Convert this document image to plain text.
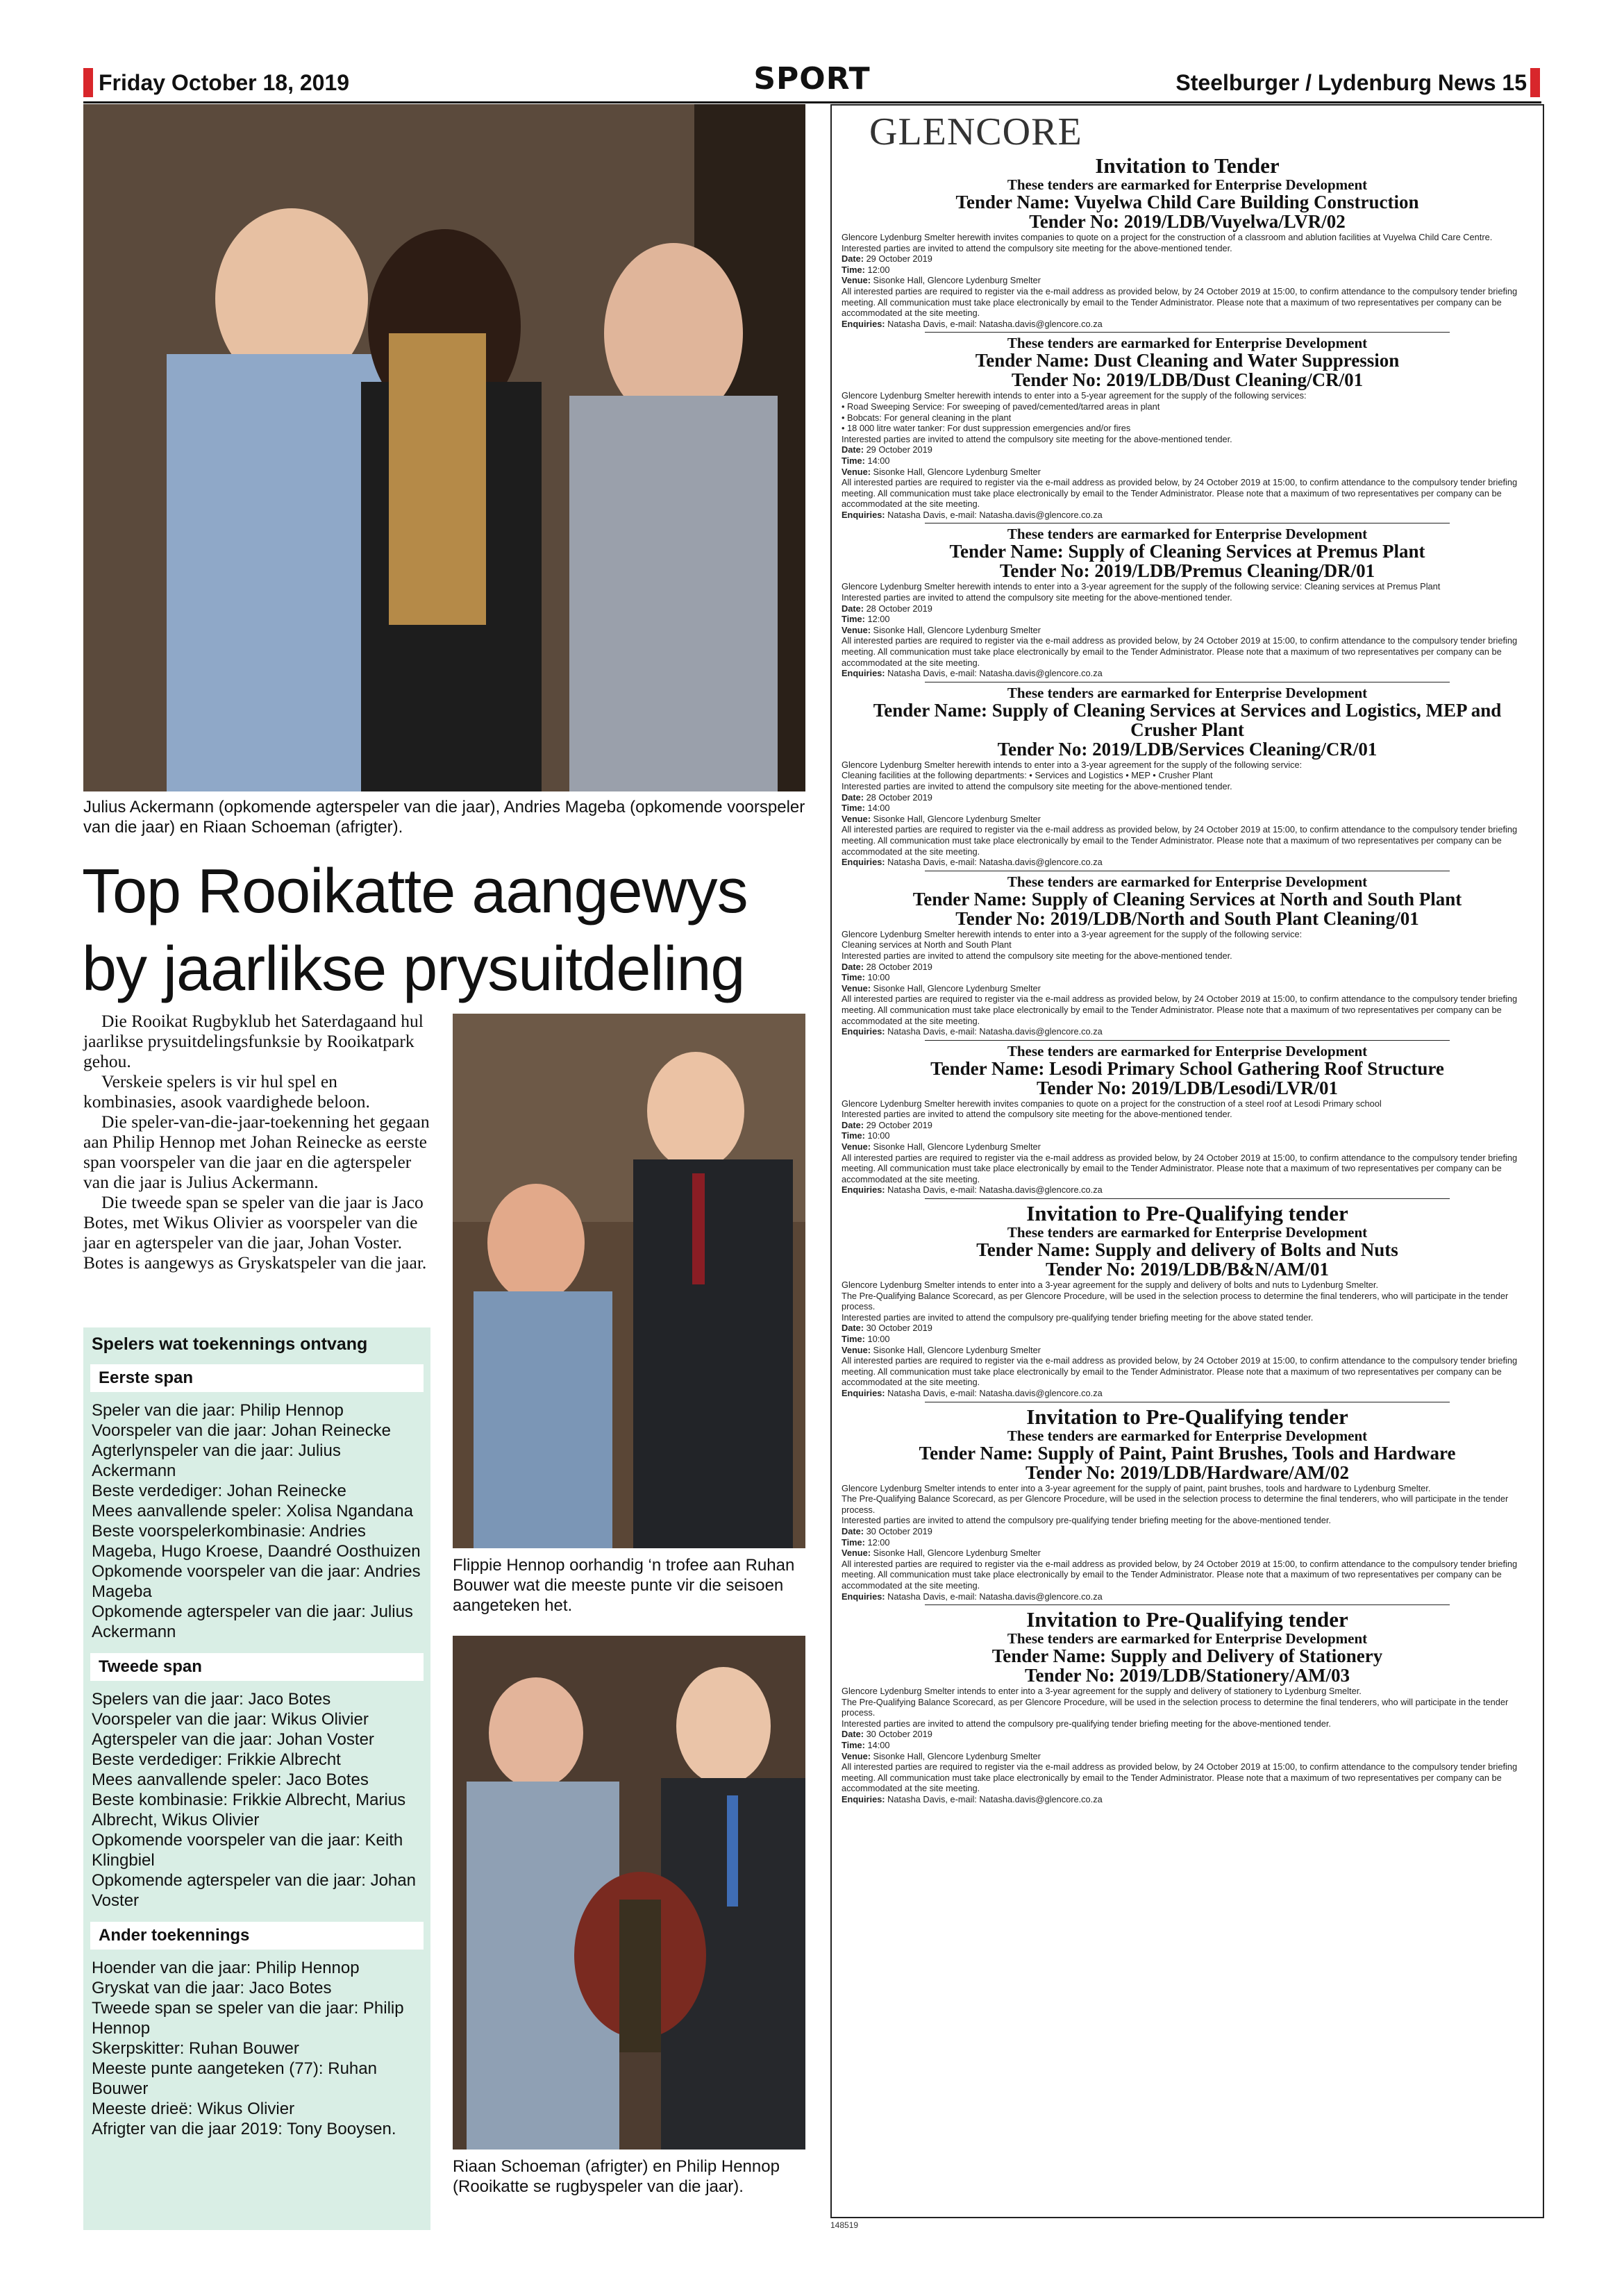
Friday October 18, 2019	SPORT	Steelburger / Lydenburg News 15
Julius Ackermann (opkomende agterspeler van die jaar), Andries Mageba (opkomende voorspeler van die jaar) en Riaan Schoeman (afrigter).
Top Rooikatte aangewys
by jaarlikse prysuitdeling

Die Rooikat Rugbyklub het Saterdagaand hul jaarlikse prysuitdelingsfunksie by Rooikatpark gehou.

Verskeie spelers is vir hul spel en kombinasies, asook vaardighede beloon.

Die speler-van-die-jaar-toekenning het gegaan aan Philip Hennop met Johan Reinecke as eerste span voorspeler van die jaar en die agterspeler van die jaar is Julius Ackermann.

Die tweede span se speler van die jaar is Jaco Botes, met Wikus Olivier as voorspeler van die jaar en agterspeler van die jaar, Johan Voster. Botes is aangewys as Gryskatspeler van die jaar.

Spelers wat toekennings ontvang
Eerste span
Speler van die jaar: Philip Hennop
Voorspeler van die jaar: Johan Reinecke
Agterlynspeler van die jaar: Julius Ackermann
Beste verdediger: Johan Reinecke
Mees aanvallende speler: Xolisa Ngandana
Beste voorspelerkombinasie: Andries Mageba, Hugo Kroese, Daandré Oosthuizen
Opkomende voorspeler van die jaar: Andries Mageba
Opkomende agterspeler van die jaar: Julius Ackermann
Tweede span
Spelers van die jaar: Jaco Botes
Voorspeler van die jaar: Wikus Olivier
Agterspeler van die jaar: Johan Voster
Beste verdediger: Frikkie Albrecht
Mees aanvallende speler: Jaco Botes
Beste kombinasie: Frikkie Albrecht, Marius Albrecht, Wikus Olivier
Opkomende voorspeler van die jaar: Keith Klingbiel
Opkomende agterspeler van die jaar: Johan Voster
Ander toekennings
Hoender van die jaar: Philip Hennop
Gryskat van die jaar: Jaco Botes
Tweede span se speler van die jaar: Philip Hennop
Skerpskitter: Ruhan Bouwer
Meeste punte aangeteken (77): Ruhan Bouwer
Meeste drieë: Wikus Olivier
Afrigter van die jaar 2019: Tony Booysen.
Flippie Hennop oorhandig ‘n trofee aan Ruhan Bouwer wat die meeste punte vir die seisoen aangeteken het.
Riaan Schoeman (afrigter) en Philip Hennop (Rooikatte se rugbyspeler van die jaar).
GLENCORE
Invitation to Tender
These tenders are earmarked for Enterprise Development
Tender Name: Vuyelwa Child Care Building Construction
Tender No: 2019/LDB/Vuyelwa/LVR/02
Glencore Lydenburg Smelter herewith invites companies to quote on a project for the construction of a classroom and ablution facilities at Vuyelwa Child Care Centre.
Interested parties are invited to attend the compulsory site meeting for the above-mentioned tender.
Date: 29 October 2019
Time: 12:00
Venue: Sisonke Hall, Glencore Lydenburg Smelter
All interested parties are required to register via the e-mail address as provided below, by 24 October 2019 at 15:00, to confirm attendance to the compulsory tender briefing meeting. All communication must take place electronically by email to the Tender Administrator. Please note that a maximum of two representatives per company can be accommodated at the site meeting.
Enquiries: Natasha Davis, e-mail: Natasha.davis@glencore.co.za
These tenders are earmarked for Enterprise Development
Tender Name: Dust Cleaning and Water Suppression
Tender No: 2019/LDB/Dust Cleaning/CR/01
Glencore Lydenburg Smelter herewith intends to enter into a 5-year agreement for the supply of the following services:
• Road Sweeping Service: For sweeping of paved/cemented/tarred areas in plant
• Bobcats: For general cleaning in the plant
• 18 000 litre water tanker: For dust suppression emergencies and/or fires
Interested parties are invited to attend the compulsory site meeting for the above-mentioned tender.
Date: 29 October 2019
Time: 14:00
Venue: Sisonke Hall, Glencore Lydenburg Smelter
All interested parties are required to register via the e-mail address as provided below, by 24 October 2019 at 15:00, to confirm attendance to the compulsory tender briefing meeting. All communication must take place electronically by email to the Tender Administrator. Please note that a maximum of two representatives per company can be accommodated at the site meeting.
Enquiries: Natasha Davis, e-mail: Natasha.davis@glencore.co.za
These tenders are earmarked for Enterprise Development
Tender Name: Supply of Cleaning Services at Premus Plant
Tender No: 2019/LDB/Premus Cleaning/DR/01
Glencore Lydenburg Smelter herewith intends to enter into a 3-year agreement for the supply of the following service: Cleaning services at Premus Plant
Interested parties are invited to attend the compulsory site meeting for the above-mentioned tender.
Date: 28 October 2019
Time: 12:00
Venue: Sisonke Hall, Glencore Lydenburg Smelter
All interested parties are required to register via the e-mail address as provided below, by 24 October 2019 at 15:00, to confirm attendance to the compulsory tender briefing meeting. All communication must take place electronically by email to the Tender Administrator. Please note that a maximum of two representatives per company can be accommodated at the site meeting.
Enquiries: Natasha Davis, e-mail: Natasha.davis@glencore.co.za
These tenders are earmarked for Enterprise Development
Tender Name: Supply of Cleaning Services at Services and Logistics, MEP and Crusher Plant
Tender No: 2019/LDB/Services Cleaning/CR/01
Glencore Lydenburg Smelter herewith intends to enter into a 3-year agreement for the supply of the following service:
Cleaning facilities at the following departments: • Services and Logistics • MEP • Crusher Plant
Interested parties are invited to attend the compulsory site meeting for the above-mentioned tender.
Date: 28 October 2019
Time: 14:00
Venue: Sisonke Hall, Glencore Lydenburg Smelter
All interested parties are required to register via the e-mail address as provided below, by 24 October 2019 at 15:00, to confirm attendance to the compulsory tender briefing meeting. All communication must take place electronically by email to the Tender Administrator. Please note that a maximum of two representatives per company can be accommodated at the site meeting.
Enquiries: Natasha Davis, e-mail: Natasha.davis@glencore.co.za
These tenders are earmarked for Enterprise Development
Tender Name: Supply of Cleaning Services at North and South Plant
Tender No: 2019/LDB/North and South Plant Cleaning/01
Glencore Lydenburg Smelter herewith intends to enter into a 3-year agreement for the supply of the following service:
Cleaning services at North and South Plant
Interested parties are invited to attend the compulsory site meeting for the above-mentioned tender.
Date: 28 October 2019
Time: 10:00
Venue: Sisonke Hall, Glencore Lydenburg Smelter
All interested parties are required to register via the e-mail address as provided below, by 24 October 2019 at 15:00, to confirm attendance to the compulsory tender briefing meeting. All communication must take place electronically by email to the Tender Administrator. Please note that a maximum of two representatives per company can be accommodated at the site meeting.
Enquiries: Natasha Davis, e-mail: Natasha.davis@glencore.co.za
These tenders are earmarked for Enterprise Development
Tender Name: Lesodi Primary School Gathering Roof Structure
Tender No: 2019/LDB/Lesodi/LVR/01
Glencore Lydenburg Smelter herewith invites companies to quote on a project for the construction of a steel roof at Lesodi Primary school
Interested parties are invited to attend the compulsory site meeting for the above-mentioned tender.
Date: 29 October 2019
Time: 10:00
Venue: Sisonke Hall, Glencore Lydenburg Smelter
All interested parties are required to register via the e-mail address as provided below, by 24 October 2019 at 15:00, to confirm attendance to the compulsory tender briefing meeting. All communication must take place electronically by email to the Tender Administrator. Please note that a maximum of two representatives per company can be accommodated at the site meeting.
Enquiries: Natasha Davis, e-mail: Natasha.davis@glencore.co.za
Invitation to Pre-Qualifying tender
These tenders are earmarked for Enterprise Development
Tender Name: Supply and delivery of Bolts and Nuts
Tender No: 2019/LDB/B&N/AM/01
Glencore Lydenburg Smelter intends to enter into a 3-year agreement for the supply and delivery of bolts and nuts to Lydenburg Smelter.
The Pre-Qualifying Balance Scorecard, as per Glencore Procedure, will be used in the selection process to determine the final tenderers, who will participate in the tender process.
Interested parties are invited to attend the compulsory pre-qualifying tender briefing meeting for the above stated tender.
Date: 30 October 2019
Time: 10:00
Venue: Sisonke Hall, Glencore Lydenburg Smelter
All interested parties are required to register via the e-mail address as provided below, by 24 October 2019 at 15:00, to confirm attendance to the compulsory tender briefing meeting. All communication must take place electronically by email to the Tender Administrator. Please note that a maximum of two representatives per company can be accommodated at the site meeting.
Enquiries: Natasha Davis, e-mail: Natasha.davis@glencore.co.za
Invitation to Pre-Qualifying tender
These tenders are earmarked for Enterprise Development
Tender Name: Supply of Paint, Paint Brushes, Tools and Hardware
Tender No: 2019/LDB/Hardware/AM/02
Glencore Lydenburg Smelter intends to enter into a 3-year agreement for the supply of paint, paint brushes, tools and hardware to Lydenburg Smelter.
The Pre-Qualifying Balance Scorecard, as per Glencore Procedure, will be used in the selection process to determine the final tenderers, who will participate in the tender process.
Interested parties are invited to attend the compulsory pre-qualifying tender briefing meeting for the above-mentioned tender.
Date: 30 October 2019
Time: 12:00
Venue: Sisonke Hall, Glencore Lydenburg Smelter
All interested parties are required to register via the e-mail address as provided below, by 24 October 2019 at 15:00, to confirm attendance to the compulsory tender briefing meeting. All communication must take place electronically by email to the Tender Administrator. Please note that a maximum of two representatives per company can be accommodated at the site meeting.
Enquiries: Natasha Davis, e-mail: Natasha.davis@glencore.co.za
Invitation to Pre-Qualifying tender
These tenders are earmarked for Enterprise Development
Tender Name: Supply and Delivery of Stationery
Tender No: 2019/LDB/Stationery/AM/03
Glencore Lydenburg Smelter intends to enter into a 3-year agreement for the supply and delivery of stationery to Lydenburg Smelter.
The Pre-Qualifying Balance Scorecard, as per Glencore Procedure, will be used in the selection process to determine the final tenderers, who will participate in the tender process.
Interested parties are invited to attend the compulsory pre-qualifying tender briefing meeting for the above-mentioned tender.
Date: 30 October 2019
Time: 14:00
Venue: Sisonke Hall, Glencore Lydenburg Smelter
All interested parties are required to register via the e-mail address as provided below, by 24 October 2019 at 15:00, to confirm attendance to the compulsory tender briefing meeting. All communication must take place electronically by email to the Tender Administrator. Please note that a maximum of two representatives per company can be accommodated at the site meeting.
Enquiries: Natasha Davis, e-mail: Natasha.davis@glencore.co.za
148519
